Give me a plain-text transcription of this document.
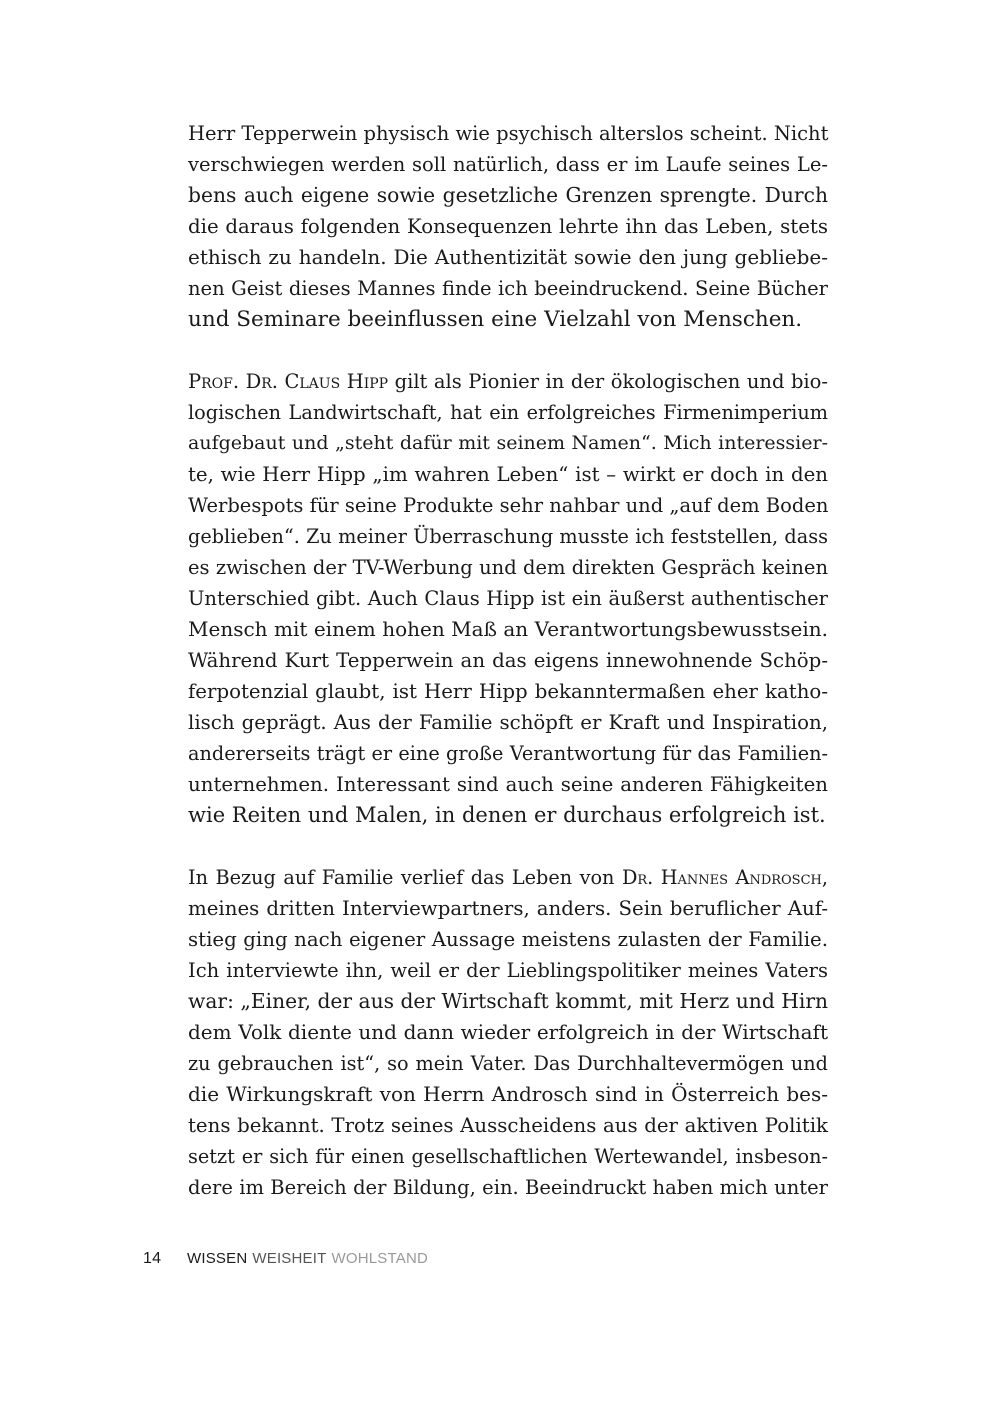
Herr Tepperwein physisch wie psychisch alterslos scheint. Nicht
verschwiegen werden soll natürlich, dass er im Laufe seines Le-
bens auch eigene sowie gesetzliche Grenzen sprengte. Durch
die daraus folgenden Konsequenzen lehrte ihn das Leben, stets
ethisch zu handeln. Die Authentizität sowie den jung gebliebe-
nen Geist dieses Mannes finde ich beeindruckend. Seine Bücher
und Seminare beeinflussen eine Vielzahl von Menschen.
Prof. Dr. Claus Hipp gilt als Pionier in der ökologischen und bio-
logischen Landwirtschaft, hat ein erfolgreiches Firmenimperium
aufgebaut und „steht dafür mit seinem Namen“. Mich interessier-
te, wie Herr Hipp „im wahren Leben“ ist – wirkt er doch in den
Werbespots für seine Produkte sehr nahbar und „auf dem Boden
geblieben“. Zu meiner Überraschung musste ich feststellen, dass
es zwischen der TV-Werbung und dem direkten Gespräch keinen
Unterschied gibt. Auch Claus Hipp ist ein äußerst authentischer
Mensch mit einem hohen Maß an Verantwortungsbewusstsein.
Während Kurt Tepperwein an das eigens innewohnende Schöp-
ferpotenzial glaubt, ist Herr Hipp bekanntermaßen eher katho-
lisch geprägt. Aus der Familie schöpft er Kraft und Inspiration,
andererseits trägt er eine große Verantwortung für das Familien-
unternehmen. Interessant sind auch seine anderen Fähigkeiten
wie Reiten und Malen, in denen er durchaus erfolgreich ist.
In Bezug auf Familie verlief das Leben von Dr. Hannes Androsch,
meines dritten Interviewpartners, anders. Sein beruflicher Auf-
stieg ging nach eigener Aussage meistens zulasten der Familie.
Ich interviewte ihn, weil er der Lieblingspolitiker meines Vaters
war: „Einer, der aus der Wirtschaft kommt, mit Herz und Hirn
dem Volk diente und dann wieder erfolgreich in der Wirtschaft
zu gebrauchen ist“, so mein Vater. Das Durchhaltevermögen und
die Wirkungskraft von Herrn Androsch sind in Österreich bes-
tens bekannt. Trotz seines Ausscheidens aus der aktiven Politik
setzt er sich für einen gesellschaftlichen Wertewandel, insbeson-
dere im Bereich der Bildung, ein. Beeindruckt haben mich unter
14 WISSEN WEISHEIT WOHLSTAND
